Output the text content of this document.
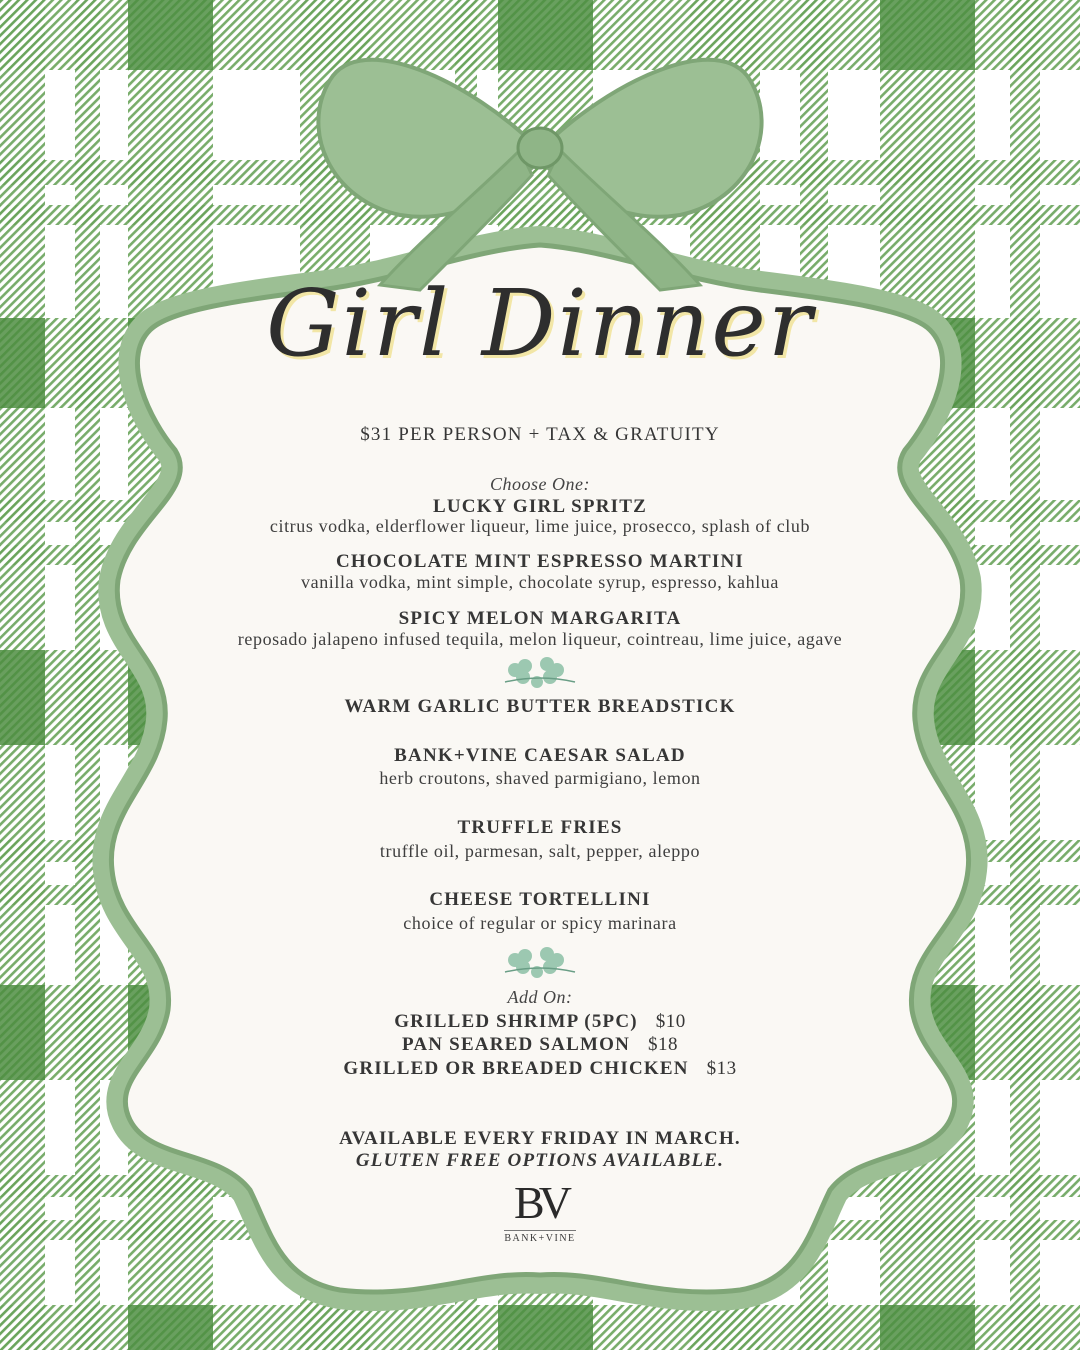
Girl Dinner
$31 PER PERSON + TAX & GRATUITY
Choose One:
LUCKY GIRL SPRITZ
citrus vodka, elderflower liqueur, lime juice, prosecco, splash of club
CHOCOLATE MINT ESPRESSO MARTINI
vanilla vodka, mint simple, chocolate syrup, espresso, kahlua
SPICY MELON MARGARITA
reposado jalapeno infused tequila, melon liqueur, cointreau, lime juice, agave
WARM GARLIC BUTTER BREADSTICK
BANK+VINE CAESAR SALAD
herb croutons, shaved parmigiano, lemon
TRUFFLE FRIES
truffle oil, parmesan, salt, pepper, aleppo
CHEESE TORTELLINI
choice of regular or spicy marinara
Add On:
GRILLED SHRIMP (5PC) $10
PAN SEARED SALMON $18
GRILLED OR BREADED CHICKEN $13
AVAILABLE EVERY FRIDAY IN MARCH.
GLUTEN FREE OPTIONS AVAILABLE.
BV
BANK+VINE
